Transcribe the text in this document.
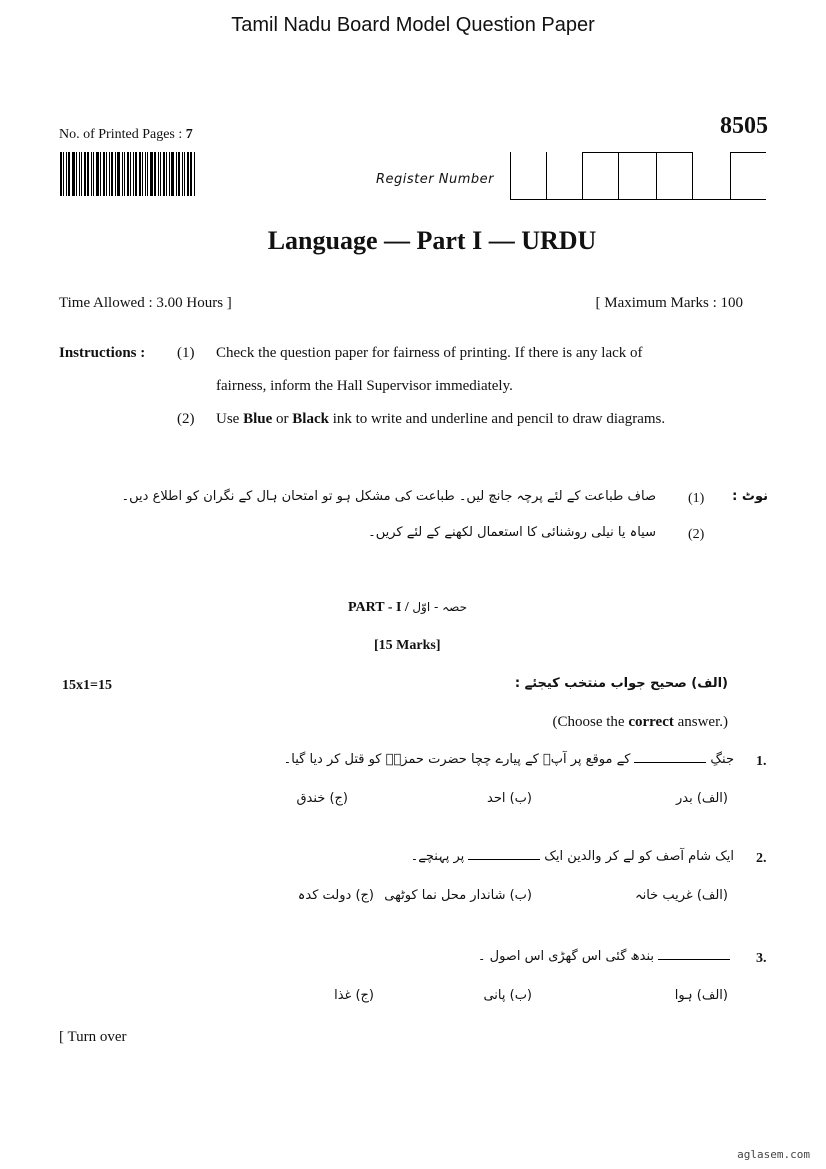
Tamil Nadu Board Model Question Paper
No. of Printed Pages : 7	8505
Register Number
Language — Part I — URDU
Time Allowed : 3.00 Hours ]	[ Maximum Marks : 100
Instructions : (1) Check the question paper for fairness of printing. If there is any lack of
fairness, inform the Hall Supervisor immediately.
(2) Use Blue or Black ink to write and underline and pencil to draw diagrams.
نوٹ :
(1)
صاف طباعت کے لئے پرچہ جانچ لیں۔ طباعت کی مشکل ہو تو امتحان ہال کے نگران کو اطلاع دیں۔
(2)
سیاہ یا نیلی روشنائی کا استعمال لکھنے کے لئے کریں۔
PART - I / حصہ - اوّل
[15 Marks]
15x1=15	(الف) صحیح جواب منتخب کیجئے :
(Choose the correct answer.)
1.
جنگِکے موقع پر آپؐ کے پیارے چچا حضرت حمزہؓ کو قتل کر دیا گیا۔
(الف) بدر
(ب) احد
(ج) خندق
2.
ایک شام آصف کو لے کر والدین ایکپر پہنچے۔
(الف) غریب خانہ
(ب) شاندار محل نما کوٹھی
(ج) دولت کدہ
3.
بندھ گئی اس گھڑی اس اصول ۔
(الف) ہوا
(ب) پانی
(ج) غذا
[ Turn over
aglasem.com
